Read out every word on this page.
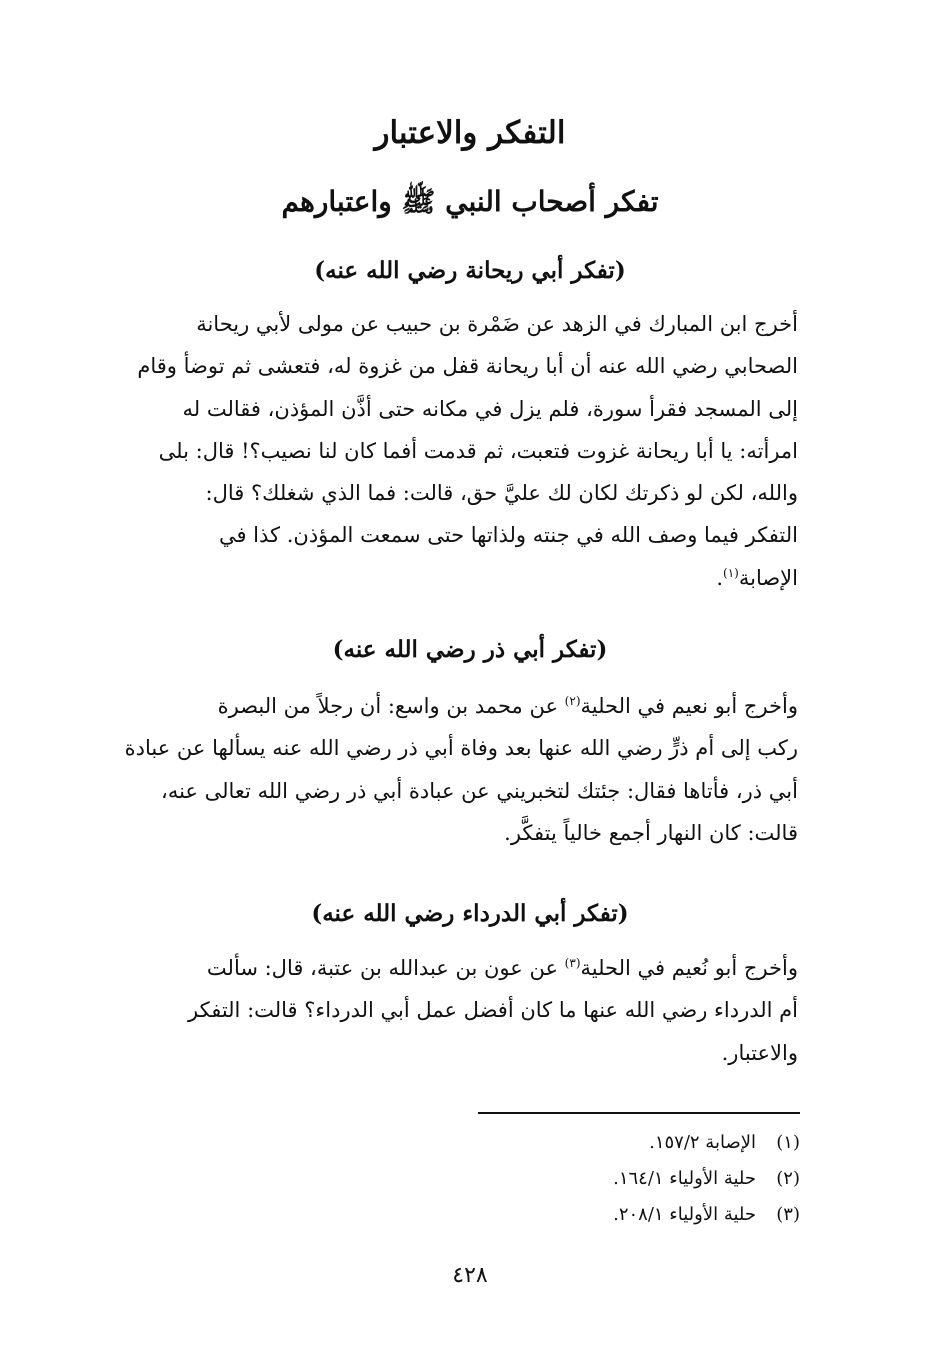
التفكر والاعتبار
تفكر أصحاب النبي ﷺ واعتبارهم
(تفكر أبي ريحانة رضي الله عنه)
أخرج ابن المبارك في الزهد عن ضَمْرة بن حبيب عن مولى لأبي ريحانة
الصحابي رضي الله عنه أن أبا ريحانة قفل من غزوة له، فتعشى ثم توضأ وقام
إلى المسجد فقرأ سورة، فلم يزل في مكانه حتى أذَّن المؤذن، فقالت له
امرأته: يا أبا ريحانة غزوت فتعبت، ثم قدمت أفما كان لنا نصيب؟! قال: بلى
والله، لكن لو ذكرتك لكان لك عليَّ حق، قالت: فما الذي شغلك؟ قال:
التفكر فيما وصف الله في جنته ولذاتها حتى سمعت المؤذن. كذا في
الإصابة$^{(١)}$.
(تفكر أبي ذر رضي الله عنه)
وأخرج أبو نعيم في الحلية$^{(٢)}$ عن محمد بن واسع: أن رجلاً من البصرة
ركب إلى أم ذرٍّ رضي الله عنها بعد وفاة أبي ذر رضي الله عنه يسألها عن عبادة
أبي ذر، فأتاها فقال: جئتك لتخبريني عن عبادة أبي ذر رضي الله تعالى عنه،
قالت: كان النهار أجمع خالياً يتفكَّر.
(تفكر أبي الدرداء رضي الله عنه)
وأخرج أبو نُعيم في الحلية$^{(٣)}$ عن عون بن عبدالله بن عتبة، قال: سألت
أم الدرداء رضي الله عنها ما كان أفضل عمل أبي الدرداء؟ قالت: التفكر
والاعتبار.
(١)الإصابة ١٥٧/٢.
(٢)حلية الأولياء ١٦٤/١.
(٣)حلية الأولياء ٢٠٨/١.
٤٢٨
